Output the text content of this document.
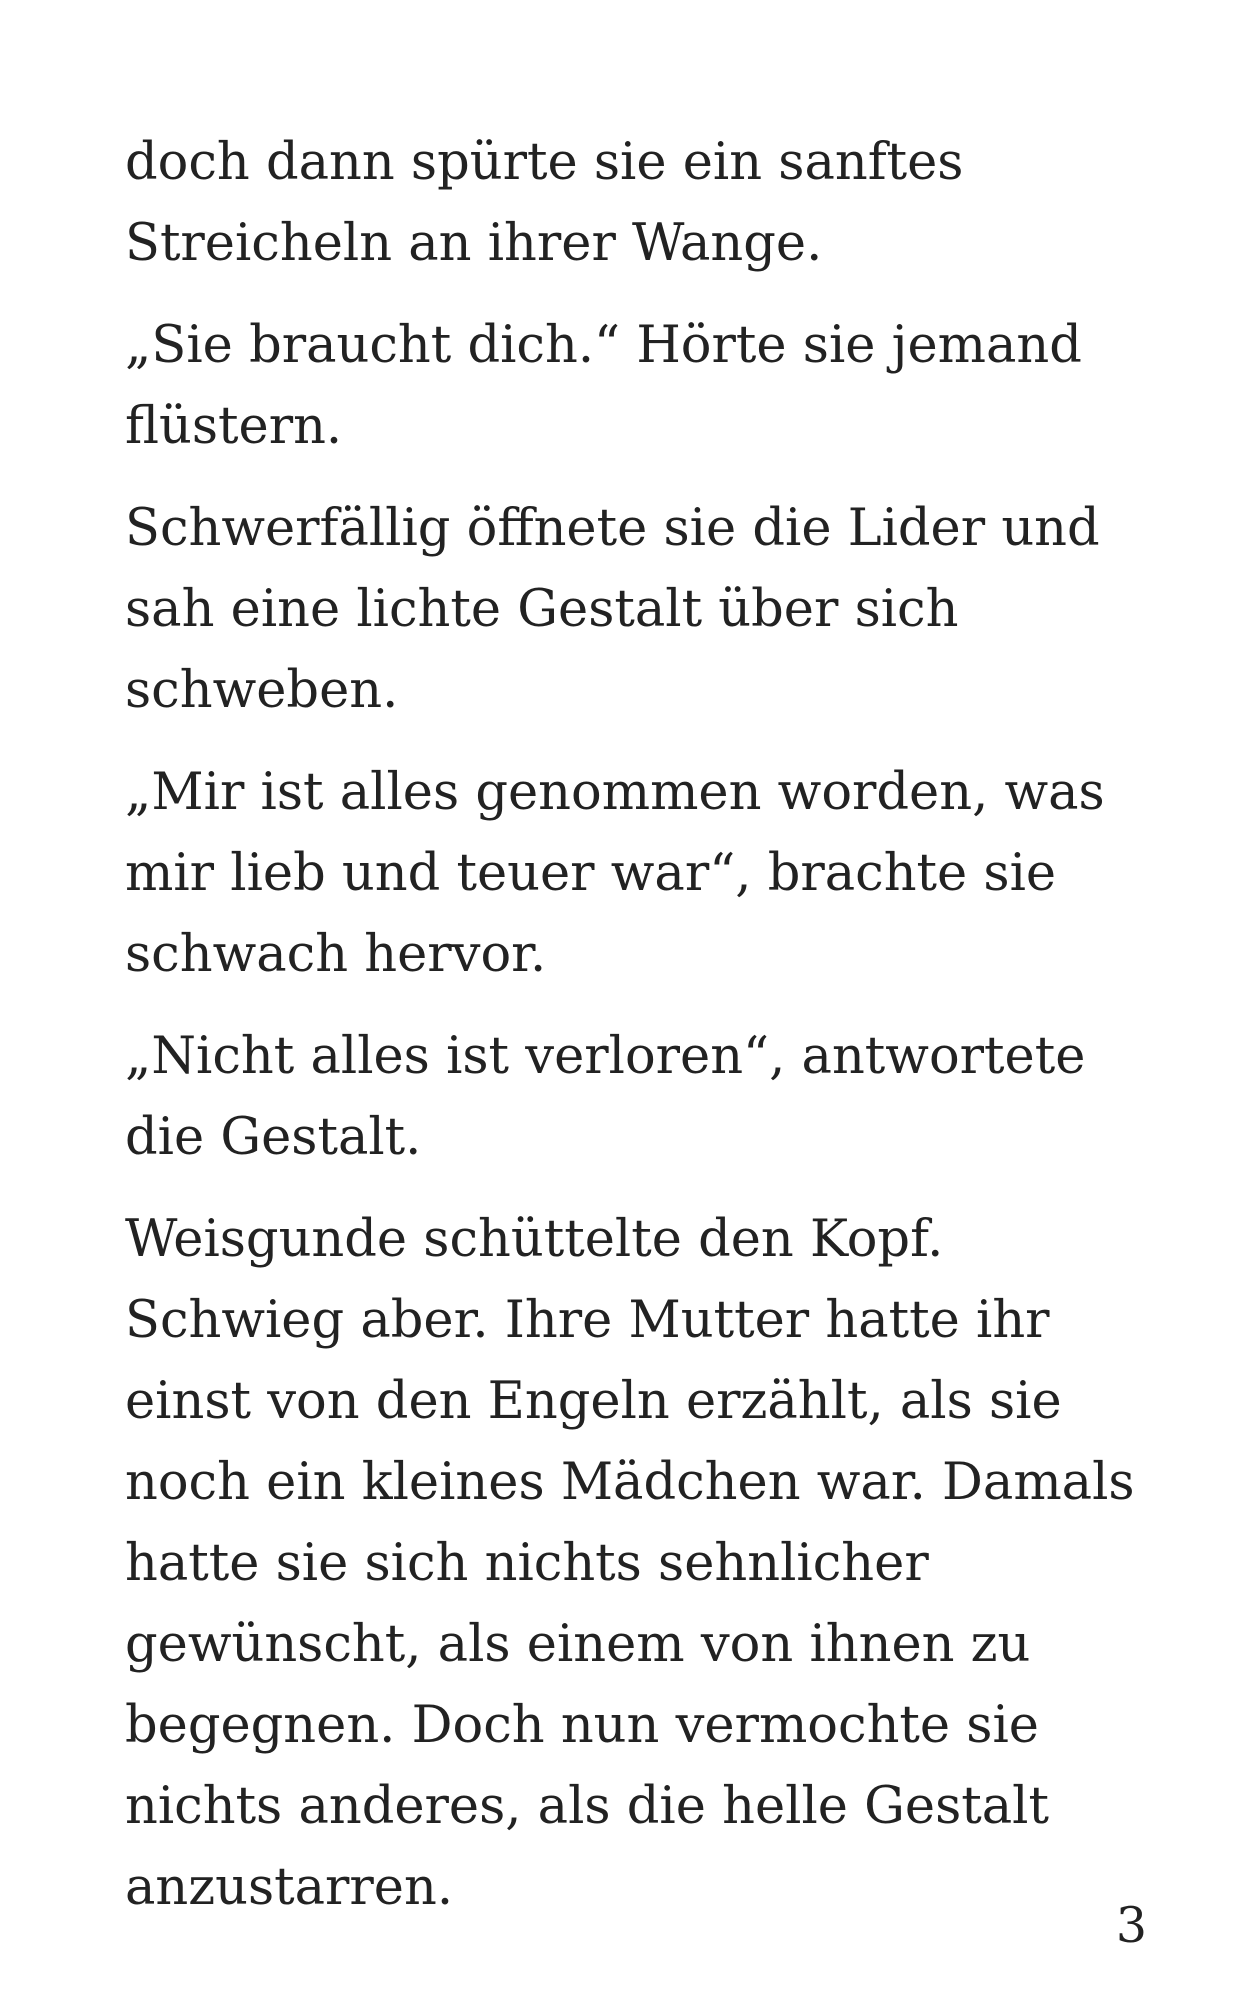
doch dann spürte sie ein sanftes Streicheln an ihrer Wange.

„Sie braucht dich.“ Hörte sie jemand flüstern.

Schwerfällig öffnete sie die Lider und sah eine lichte Gestalt über sich schweben.

„Mir ist alles genommen worden, was mir lieb und teuer war“, brachte sie schwach hervor.

„Nicht alles ist verloren“, antwortete die Gestalt.

Weisgunde schüttelte den Kopf. Schwieg aber. Ihre Mutter hatte ihr einst von den Engeln erzählt, als sie noch ein kleines Mädchen war. Damals hatte sie sich nichts sehnlicher gewünscht, als einem von ihnen zu begegnen. Doch nun vermochte sie nichts anderes, als die helle Gestalt anzustarren.

3
